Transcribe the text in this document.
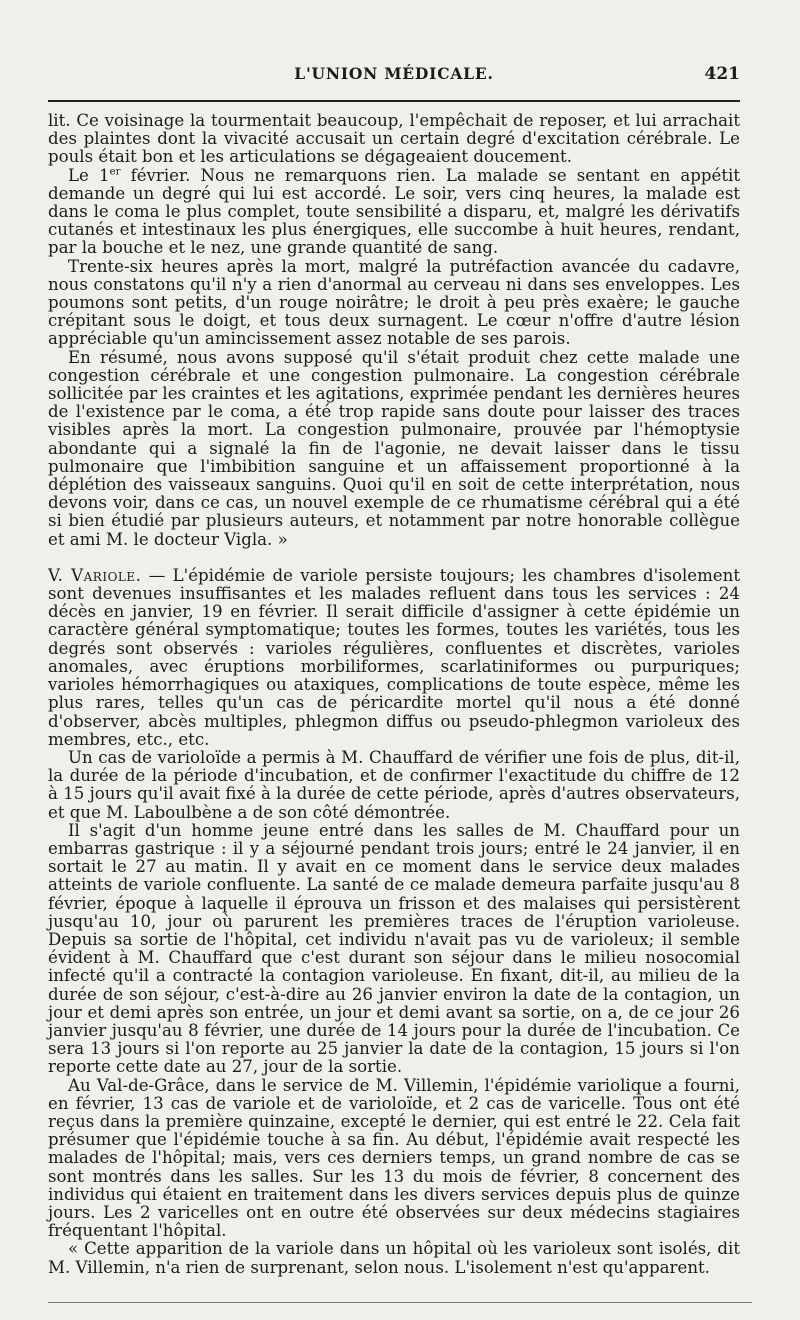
L'UNION MÉDICALE.	421

lit. Ce voisinage la tourmentait beaucoup, l'empêchait de reposer, et lui arrachait des plaintes dont la vivacité accusait un certain degré d'excitation cérébrale. Le pouls était bon et les articulations se dégageaient doucement.

Le 1er février. Nous ne remarquons rien. La malade se sentant en appétit demande un degré qui lui est accordé. Le soir, vers cinq heures, la malade est dans le coma le plus complet, toute sensibilité a disparu, et, malgré les dérivatifs cutanés et intestinaux les plus énergiques, elle succombe à huit heures, rendant, par la bouche et le nez, une grande quantité de sang.

Trente-six heures après la mort, malgré la putréfaction avancée du cadavre, nous constatons qu'il n'y a rien d'anormal au cerveau ni dans ses enveloppes. Les poumons sont petits, d'un rouge noirâtre; le droit à peu près exaère; le gauche crépitant sous le doigt, et tous deux surnagent. Le cœur n'offre d'autre lésion appréciable qu'un amincissement assez notable de ses parois.

En résumé, nous avons supposé qu'il s'était produit chez cette malade une congestion cérébrale et une congestion pulmonaire. La congestion cérébrale sollicitée par les craintes et les agitations, exprimée pendant les dernières heures de l'existence par le coma, a été trop rapide sans doute pour laisser des traces visibles après la mort. La congestion pulmonaire, prouvée par l'hémoptysie abondante qui a signalé la fin de l'agonie, ne devait laisser dans le tissu pulmonaire que l'imbibition sanguine et un affaissement proportionné à la déplétion des vaisseaux sanguins. Quoi qu'il en soit de cette interprétation, nous devons voir, dans ce cas, un nouvel exemple de ce rhumatisme cérébral qui a été si bien étudié par plusieurs auteurs, et notamment par notre honorable collègue et ami M. le docteur Vigla. »

V. Variole. — L'épidémie de variole persiste toujours; les chambres d'isolement sont devenues insuffisantes et les malades refluent dans tous les services : 24 décès en janvier, 19 en février. Il serait difficile d'assigner à cette épidémie un caractère général symptomatique; toutes les formes, toutes les variétés, tous les degrés sont observés : varioles régulières, confluentes et discrètes, varioles anomales, avec éruptions morbiliformes, scarlatiniformes ou purpuriques; varioles hémorrhagiques ou ataxiques, complications de toute espèce, même les plus rares, telles qu'un cas de péricardite mortel qu'il nous a été donné d'observer, abcès multiples, phlegmon diffus ou pseudo-phlegmon varioleux des membres, etc., etc.

Un cas de varioloïde a permis à M. Chauffard de vérifier une fois de plus, dit-il, la durée de la période d'incubation, et de confirmer l'exactitude du chiffre de 12 à 15 jours qu'il avait fixé à la durée de cette période, après d'autres observateurs, et que M. Laboulbène a de son côté démontrée.

Il s'agit d'un homme jeune entré dans les salles de M. Chauffard pour un embarras gastrique : il y a séjourné pendant trois jours; entré le 24 janvier, il en sortait le 27 au matin. Il y avait en ce moment dans le service deux malades atteints de variole confluente. La santé de ce malade demeura parfaite jusqu'au 8 février, époque à laquelle il éprouva un frisson et des malaises qui persistèrent jusqu'au 10, jour où parurent les premières traces de l'éruption varioleuse. Depuis sa sortie de l'hôpital, cet individu n'avait pas vu de varioleux; il semble évident à M. Chauffard que c'est durant son séjour dans le milieu nosocomial infecté qu'il a contracté la contagion varioleuse. En fixant, dit-il, au milieu de la durée de son séjour, c'est-à-dire au 26 janvier environ la date de la contagion, un jour et demi après son entrée, un jour et demi avant sa sortie, on a, de ce jour 26 janvier jusqu'au 8 février, une durée de 14 jours pour la durée de l'incubation. Ce sera 13 jours si l'on reporte au 25 janvier la date de la contagion, 15 jours si l'on reporte cette date au 27, jour de la sortie.

Au Val-de-Grâce, dans le service de M. Villemin, l'épidémie variolique a fourni, en février, 13 cas de variole et de varioloïde, et 2 cas de varicelle. Tous ont été reçus dans la première quinzaine, excepté le dernier, qui est entré le 22. Cela fait présumer que l'épidémie touche à sa fin. Au début, l'épidémie avait respecté les malades de l'hôpital; mais, vers ces derniers temps, un grand nombre de cas se sont montrés dans les salles. Sur les 13 du mois de février, 8 concernent des individus qui étaient en traitement dans les divers services depuis plus de quinze jours. Les 2 varicelles ont en outre été observées sur deux médecins stagiaires fréquentant l'hôpital.

« Cette apparition de la variole dans un hôpital où les varioleux sont isolés, dit M. Villemin, n'a rien de surprenant, selon nous. L'isolement n'est qu'apparent.
